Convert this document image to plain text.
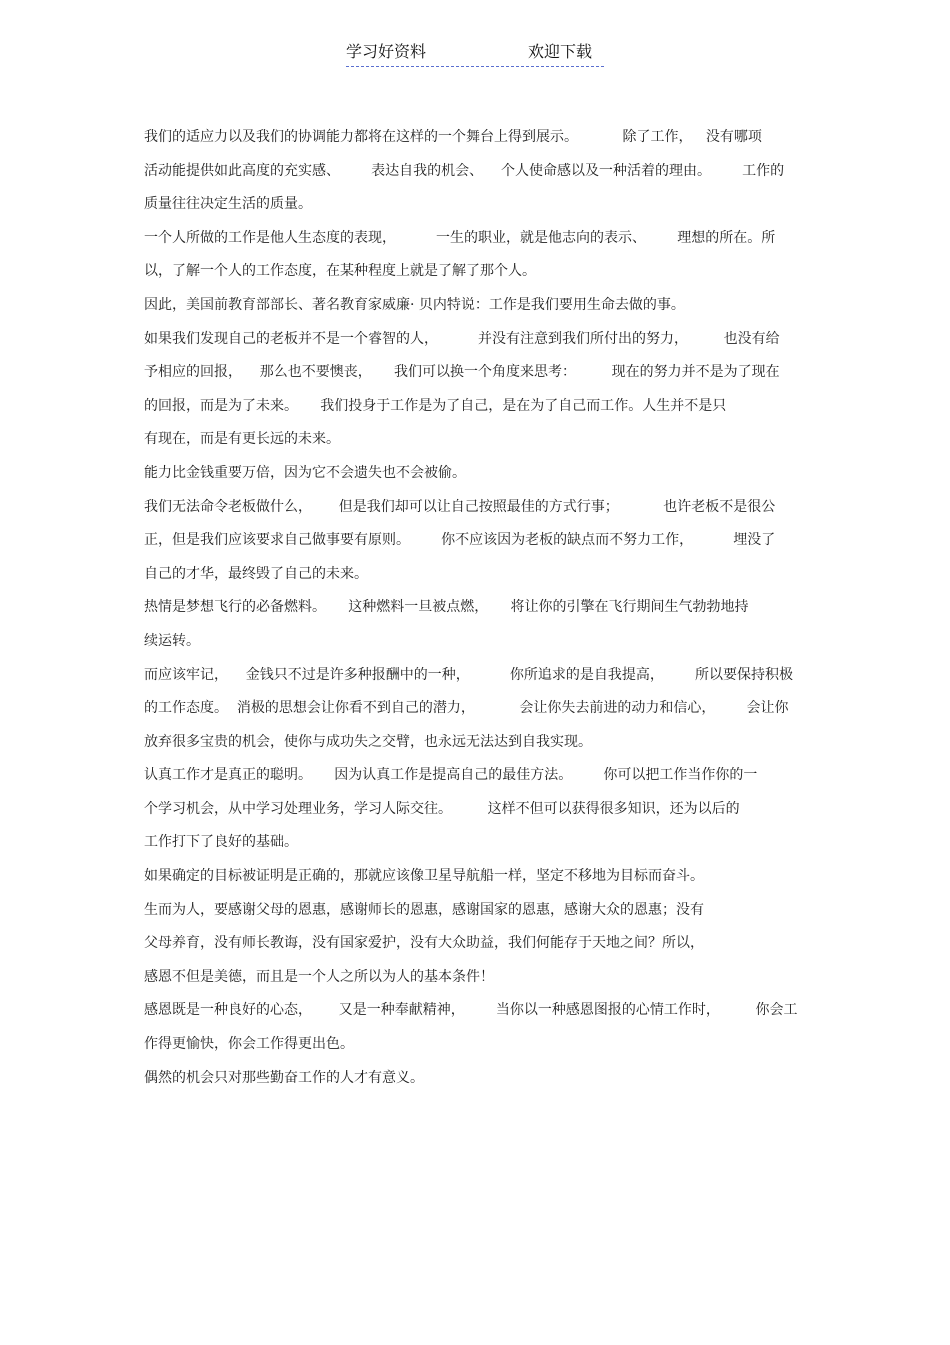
学习好资料	欢迎下载
我们的适应力以及我们的协调能力都将在这样的一个舞台上得到展示。          除了工作，   没有哪项
活动能提供如此高度的充实感、       表达自我的机会、    个人使命感以及一种活着的理由。       工作的
质量往往决定生活的质量。
一个人所做的工作是他人生态度的表现，         一生的职业，就是他志向的表示、       理想的所在。所
以，了解一个人的工作态度，在某种程度上就是了解了那个人。
因此，美国前教育部部长、著名教育家威廉· 贝内特说：工作是我们要用生命去做的事。
如果我们发现自己的老板并不是一个睿智的人，         并没有注意到我们所付出的努力，        也没有给
予相应的回报，    那么也不要懊丧，     我们可以换一个角度来思考：        现在的努力并不是为了现在
的回报，而是为了未来。     我们投身于工作是为了自己，是在为了自己而工作。人生并不是只
有现在，而是有更长远的未来。
能力比金钱重要万倍，因为它不会遗失也不会被偷。
我们无法命令老板做什么，      但是我们却可以让自己按照最佳的方式行事；          也许老板不是很公
正，但是我们应该要求自己做事要有原则。       你不应该因为老板的缺点而不努力工作，         埋没了
自己的才华，最终毁了自己的未来。
热情是梦想飞行的必备燃料。     这种燃料一旦被点燃，     将让你的引擎在飞行期间生气勃勃地持
续运转。
而应该牢记，    金钱只不过是许多种报酬中的一种，         你所追求的是自我提高，       所以要保持积极
的工作态度。  消极的思想会让你看不到自己的潜力，          会让你失去前进的动力和信心，       会让你
放弃很多宝贵的机会，使你与成功失之交臂，也永远无法达到自我实现。
认真工作才是真正的聪明。     因为认真工作是提高自己的最佳方法。       你可以把工作当作你的一
个学习机会，从中学习处理业务，学习人际交往。        这样不但可以获得很多知识，还为以后的
工作打下了良好的基础。
如果确定的目标被证明是正确的，那就应该像卫星导航船一样，坚定不移地为目标而奋斗。
生而为人，要感谢父母的恩惠，感谢师长的恩惠，感谢国家的恩惠，感谢大众的恩惠；没有
父母养育，没有师长教诲，没有国家爱护，没有大众助益，我们何能存于天地之间？所以，
感恩不但是美德，而且是一个人之所以为人的基本条件！
感恩既是一种良好的心态，      又是一种奉献精神，       当你以一种感恩图报的心情工作时，        你会工
作得更愉快，你会工作得更出色。
偶然的机会只对那些勤奋工作的人才有意义。
